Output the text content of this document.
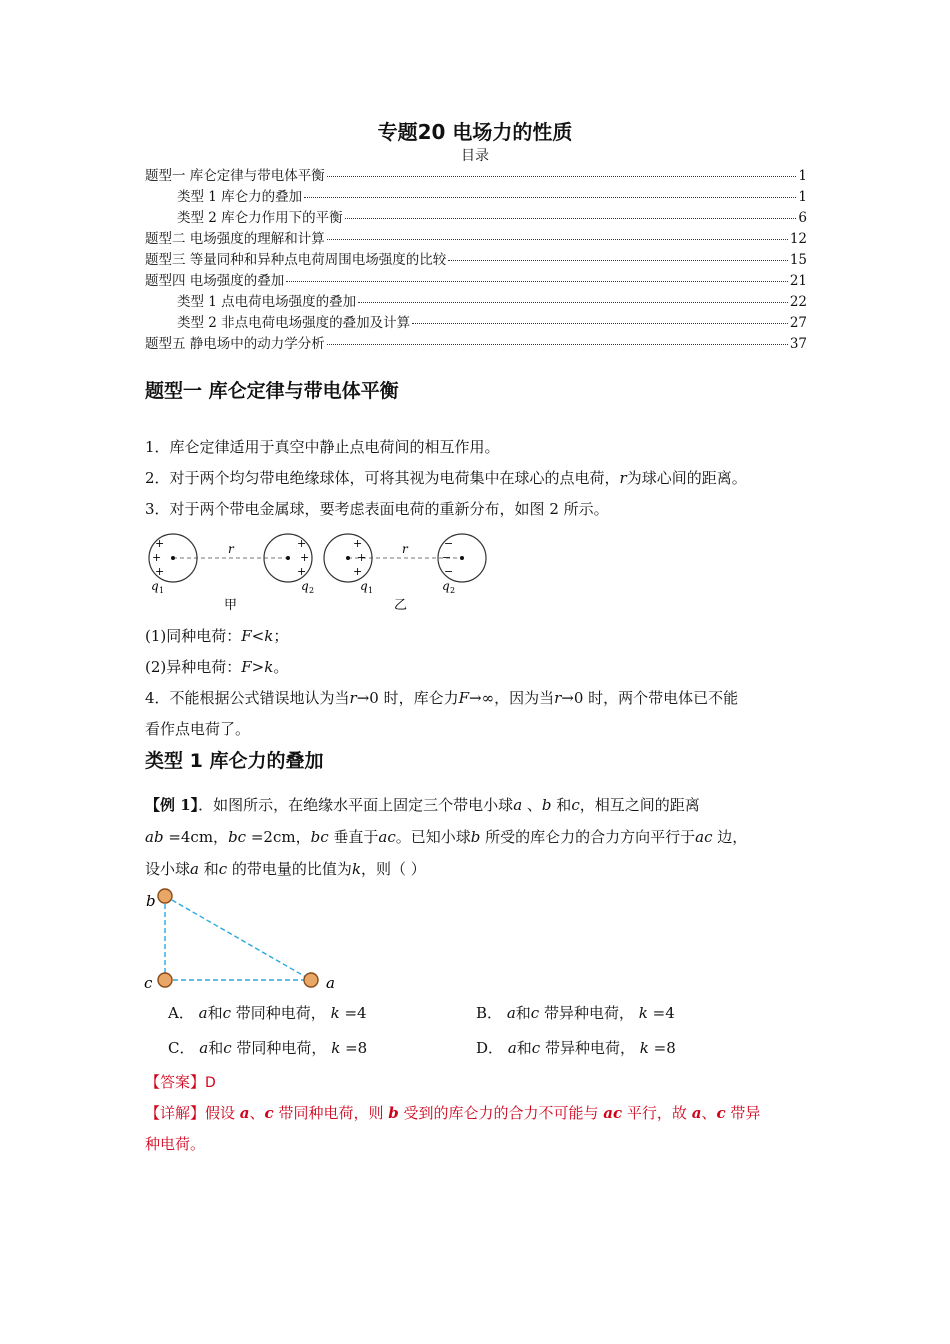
专题20 电场力的性质
目录
题型一 库仑定律与带电体平衡	1
类型 1 库仑力的叠加	1
类型 2 库仑力作用下的平衡	6
题型二 电场强度的理解和计算	12
题型三 等量同种和异种点电荷周围电场强度的比较	15
题型四 电场强度的叠加	21
类型 1 点电荷电场强度的叠加	22
类型 2 非点电荷电场强度的叠加及计算	27
题型五 静电场中的动力学分析	37
题型一 库仑定律与带电体平衡
1．库仑定律适用于真空中静止点电荷间的相互作用。
2．对于两个均匀带电绝缘球体，可将其视为电荷集中在球心的点电荷，r为球心间的距离。
3．对于两个带电金属球，要考虑表面电荷的重新分布，如图 2 所示。
+
+
+
+
+
+
r
q 1	q 2
甲
+
+
+
−
−
−
r
q 1	q 2
乙
(1)同种电荷：F<k；
(2)异种电荷：F>k。
4．不能根据公式错误地认为当r→0 时，库仑力F→∞，因为当r→0 时，两个带电体已不能
看作点电荷了。
类型 1 库仑力的叠加
【例 1】．如图所示，在绝缘水平面上固定三个带电小球a 、b 和c，相互之间的距离
ab =4cm，bc =2cm，bc 垂直于ac。已知小球b 所受的库仑力的合力方向平行于ac 边，
设小球a 和c 的带电量的比值为k，则（ ）
b
c	a
A． a和c 带同种电荷， k =4	B． a和c 带异种电荷， k =4
C． a和c 带同种电荷， k =8	D． a和c 带异种电荷， k =8
【答案】D
【详解】假设 a、c 带同种电荷，则 b 受到的库仑力的合力不可能与 ac 平行，故 a、c 带异
种电荷。
